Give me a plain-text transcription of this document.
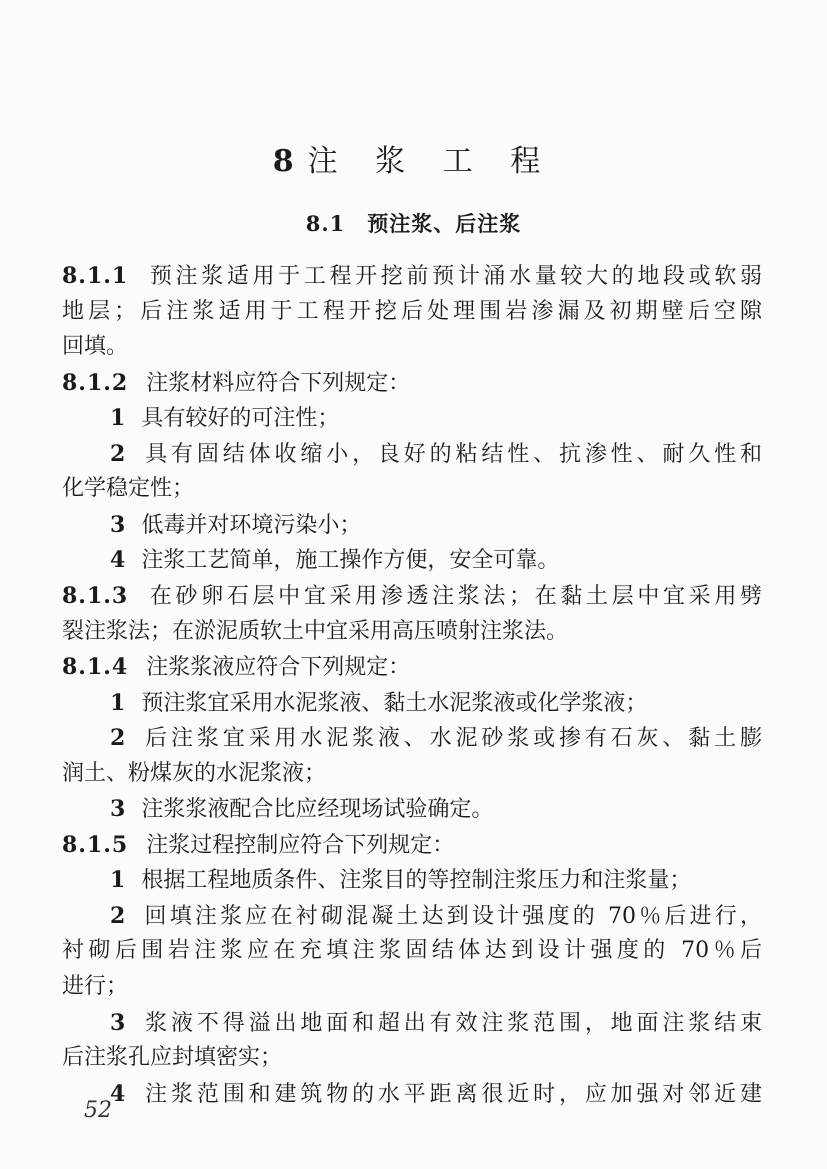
8 注 浆 工 程
8.1 预注浆、后注浆
8.1.1 预注浆适用于工程开挖前预计涌水量较大的地段或软弱
地层；后注浆适用于工程开挖后处理围岩渗漏及初期壁后空隙
回填。
8.1.2 注浆材料应符合下列规定：
1 具有较好的可注性；
2 具有固结体收缩小，良好的粘结性、抗渗性、耐久性和
化学稳定性；
3 低毒并对环境污染小；
4 注浆工艺简单，施工操作方便，安全可靠。
8.1.3 在砂卵石层中宜采用渗透注浆法；在黏土层中宜采用劈
裂注浆法；在淤泥质软土中宜采用高压喷射注浆法。
8.1.4 注浆浆液应符合下列规定：
1 预注浆宜采用水泥浆液、黏土水泥浆液或化学浆液；
2 后注浆宜采用水泥浆液、水泥砂浆或掺有石灰、黏土膨
润土、粉煤灰的水泥浆液；
3 注浆浆液配合比应经现场试验确定。
8.1.5 注浆过程控制应符合下列规定：
1 根据工程地质条件、注浆目的等控制注浆压力和注浆量；
2 回填注浆应在衬砌混凝土达到设计强度的 70％后进行，
衬砌后围岩注浆应在充填注浆固结体达到设计强度的 70％后
进行；
3 浆液不得溢出地面和超出有效注浆范围，地面注浆结束
后注浆孔应封填密实；
4 注浆范围和建筑物的水平距离很近时，应加强对邻近建
52
